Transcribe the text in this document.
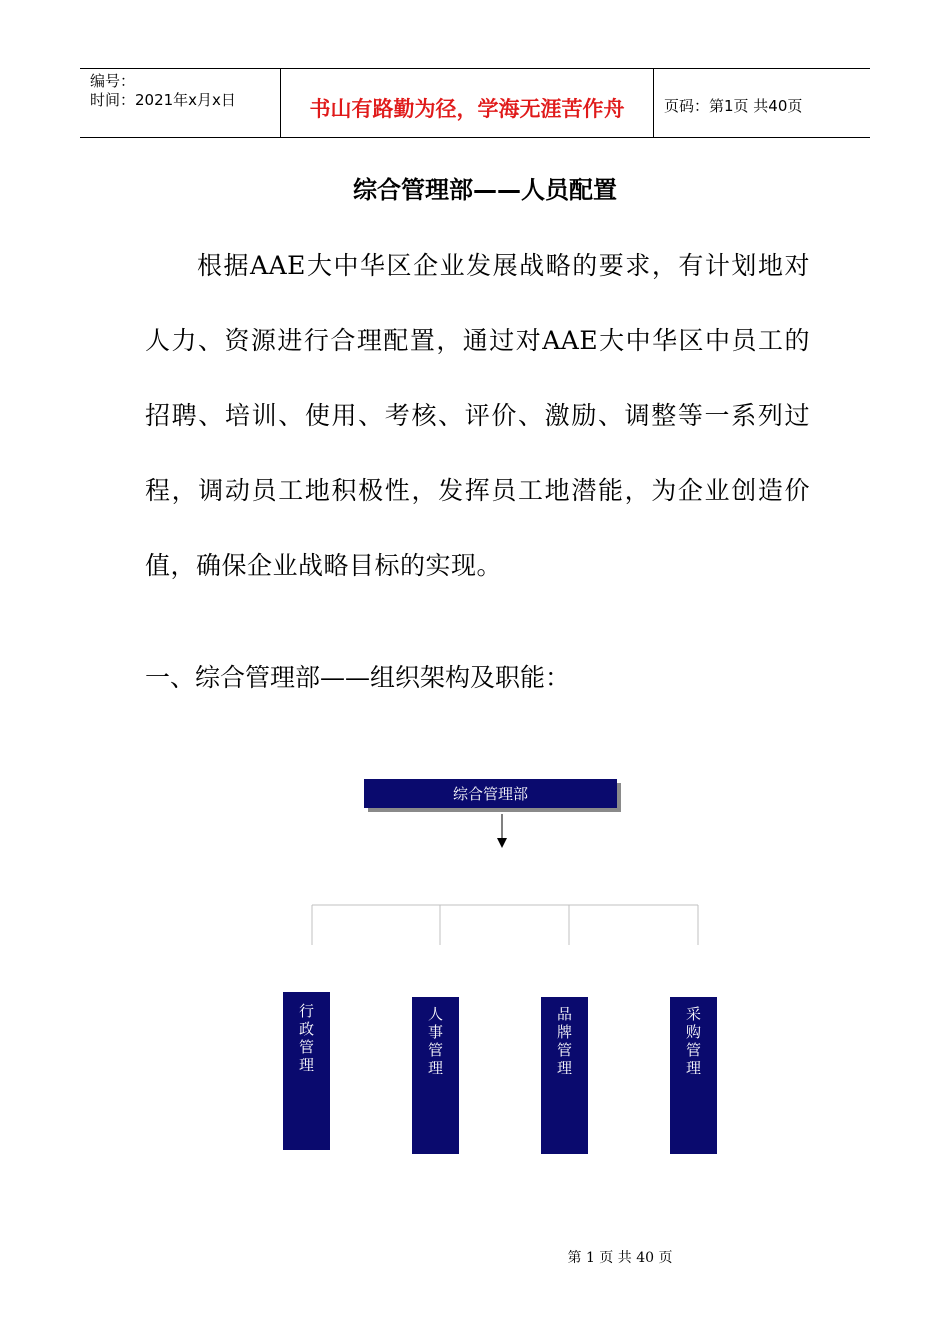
编号：
时间：2021年x月x日	书山有路勤为径，学海无涯苦作舟	页码：第1页 共40页
综合管理部——人员配置
根据AAE大中华区企业发展战略的要求，有计划地对人力、资源进行合理配置，通过对AAE大中华区中员工的招聘、培训、使用、考核、评价、激励、调整等一系列过程，调动员工地积极性，发挥员工地潜能，为企业创造价值，确保企业战略目标的实现。
一、综合管理部——组织架构及职能：
综合管理部
行政管理
人事管理
品牌管理
采购管理
第 1 页 共 40 页
